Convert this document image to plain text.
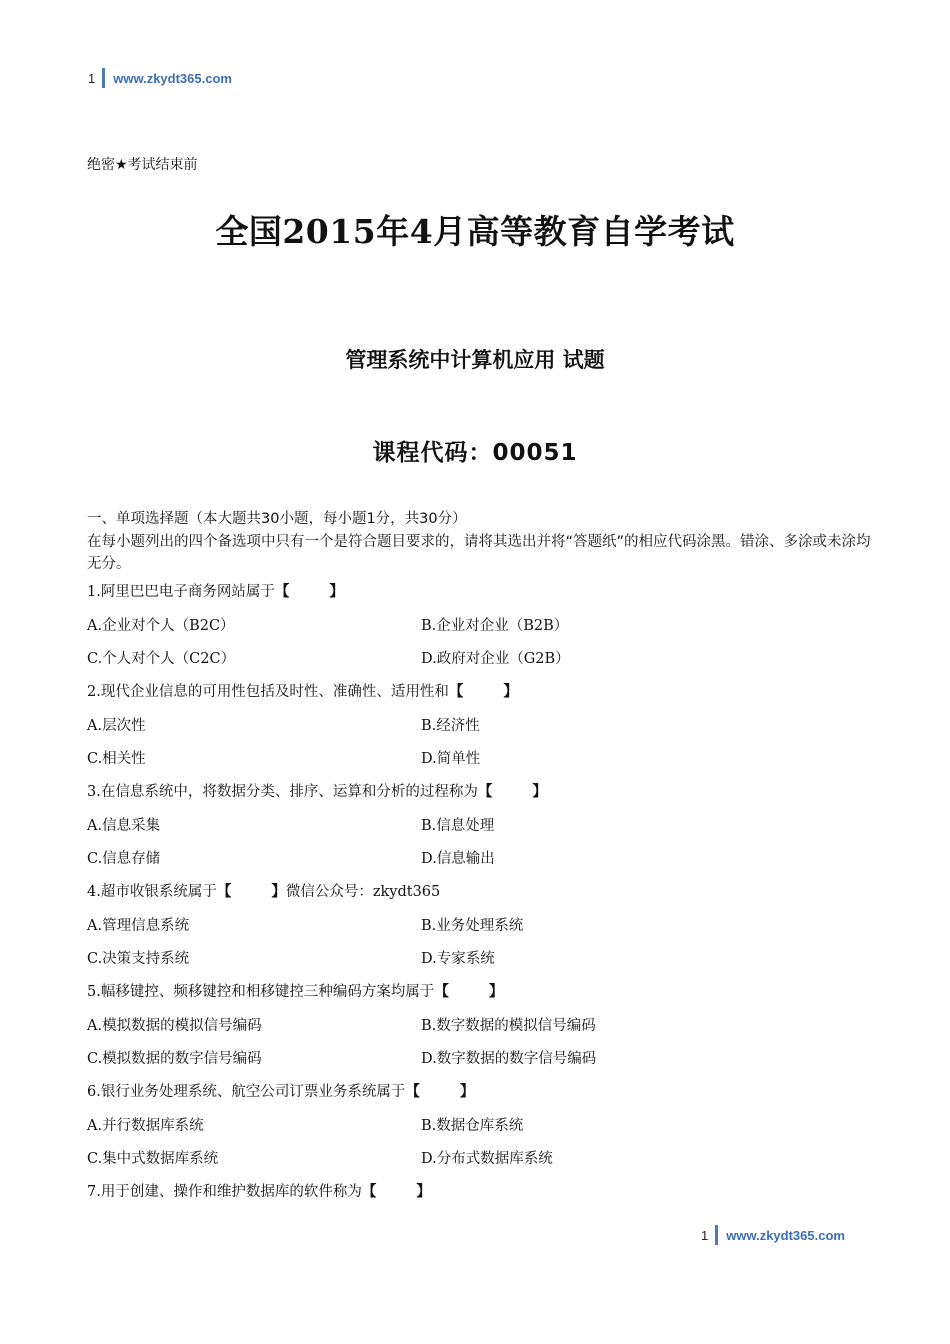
1 www.zkydt365.com
绝密★考试结束前
全国2015年4月高等教育自学考试
管理系统中计算机应用 试题
课程代码：00051
一、单项选择题（本大题共30小题，每小题1分，共30分）
在每小题列出的四个备选项中只有一个是符合题目要求的，请将其选出并将“答题纸”的相应代码涂黑。错涂、多涂或未涂均无分。
1.阿里巴巴电子商务网站属于【	】
A.企业对个人（B2C）	B.企业对企业（B2B）
C.个人对个人（C2C）	D.政府对企业（G2B）
2.现代企业信息的可用性包括及时性、准确性、适用性和【	】
A.层次性	B.经济性
C.相关性	D.简单性
3.在信息系统中，将数据分类、排序、运算和分析的过程称为【	】
A.信息采集	B.信息处理
C.信息存储	D.信息输出
4.超市收银系统属于【	】微信公众号：zkydt365
A.管理信息系统	B.业务处理系统
C.决策支持系统	D.专家系统
5.幅移键控、频移键控和相移键控三种编码方案均属于【	】
A.模拟数据的模拟信号编码	B.数字数据的模拟信号编码
C.模拟数据的数字信号编码	D.数字数据的数字信号编码
6.银行业务处理系统、航空公司订票业务系统属于【	】
A.并行数据库系统	B.数据仓库系统
C.集中式数据库系统	D.分布式数据库系统
7.用于创建、操作和维护数据库的软件称为【	】
1 www.zkydt365.com
